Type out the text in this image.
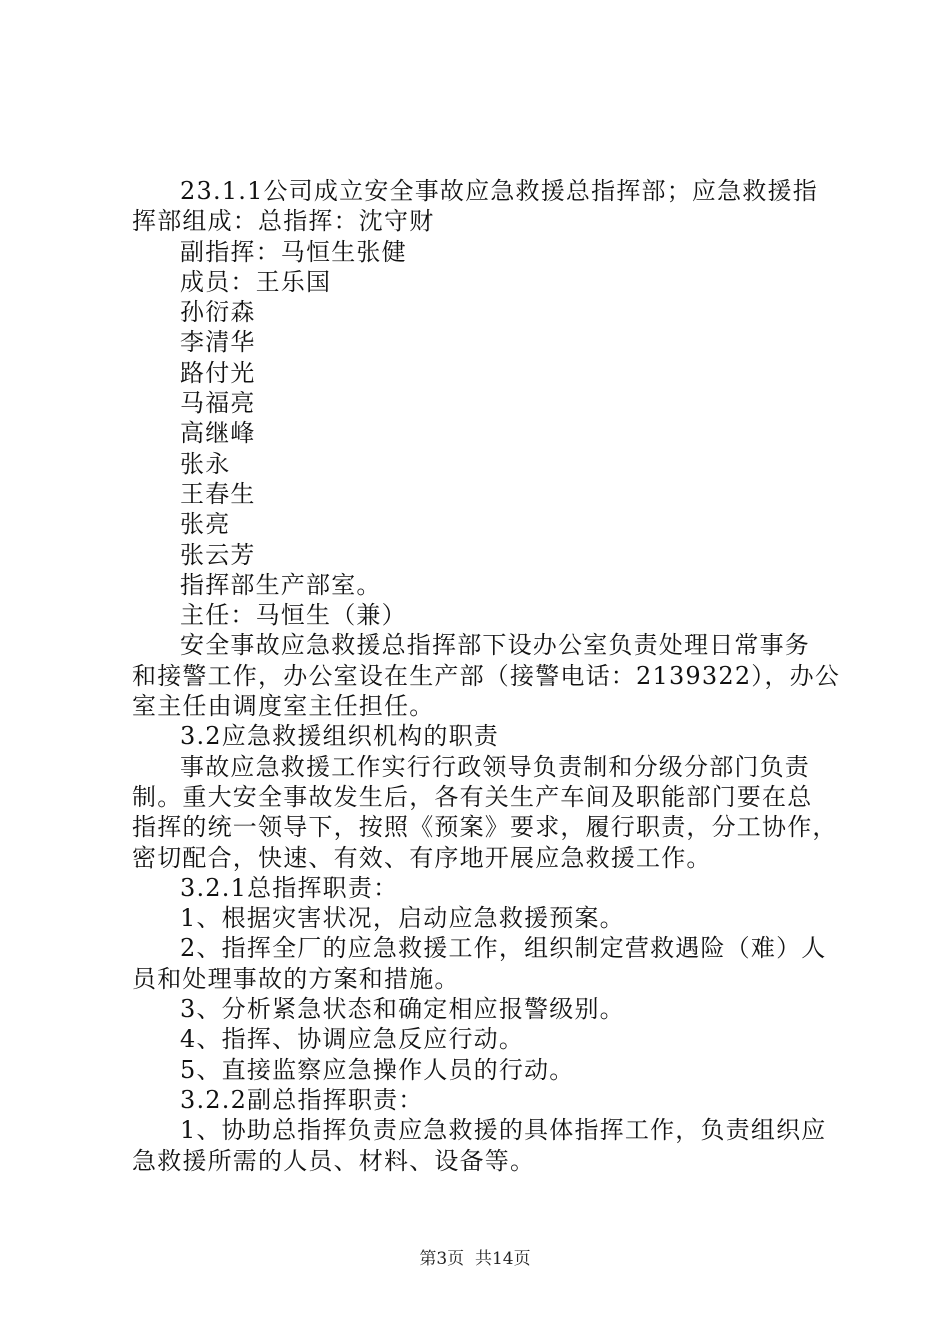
23.1.1公司成立安全事故应急救援总指挥部；应急救援指
挥部组成：总指挥：沈守财
副指挥：马恒生张健
成员：王乐国
孙衍森
李清华
路付光
马福亮
高继峰
张永
王春生
张亮
张云芳
指挥部生产部室。
主任：马恒生（兼）
安全事故应急救援总指挥部下设办公室负责处理日常事务
和接警工作，办公室设在生产部（接警电话：2139322），办公
室主任由调度室主任担任。
3.2应急救援组织机构的职责
事故应急救援工作实行行政领导负责制和分级分部门负责
制。重大安全事故发生后，各有关生产车间及职能部门要在总
指挥的统一领导下，按照《预案》要求，履行职责，分工协作，
密切配合，快速、有效、有序地开展应急救援工作。
3.2.1总指挥职责：
1、根据灾害状况，启动应急救援预案。
2、指挥全厂的应急救援工作，组织制定营救遇险（难）人
员和处理事故的方案和措施。
3、分析紧急状态和确定相应报警级别。
4、指挥、协调应急反应行动。
5、直接监察应急操作人员的行动。
3.2.2副总指挥职责：
1、协助总指挥负责应急救援的具体指挥工作，负责组织应
急救援所需的人员、材料、设备等。
第3页  共14页
